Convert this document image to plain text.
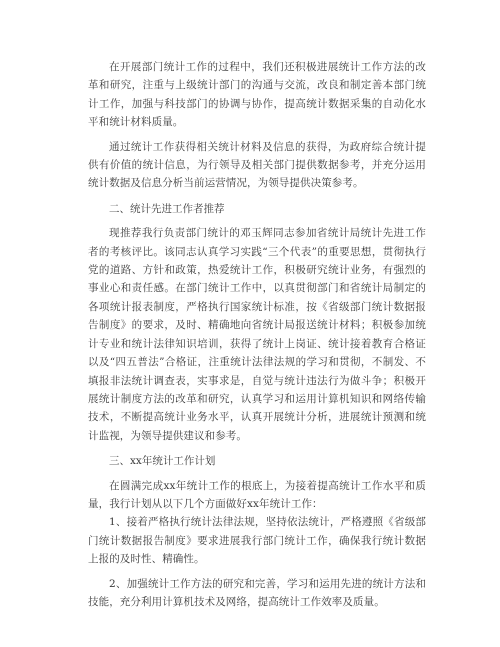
在开展部门统计工作的过程中，我们还积极进展统计工作方法的改革和研究，注重与上级统计部门的沟通与交流，改良和制定善本部门统计工作，加强与科技部门的协调与协作，提高统计数据采集的自动化水平和统计材料质量。

通过统计工作获得相关统计材料及信息的获得，为政府综合统计提供有价值的统计信息，为行领导及相关部门提供数据参考，并充分运用统计数据及信息分析当前运营情况，为领导提供决策参考。

二、统计先进工作者推荐

现推荐我行负责部门统计的邓玉辉同志参加省统计局统计先进工作者的考核评比。该同志认真学习实践“三个代表”的重要思想，贯彻执行党的道路、方针和政策，热爱统计工作，积极研究统计业务，有强烈的事业心和责任感。在部门统计工作中，以真贯彻部门和省统计局制定的各项统计报表制度，严格执行国家统计标准，按《省级部门统计数据报告制度》的要求，及时、精确地向省统计局报送统计材料；积极参加统计专业和统计法律知识培训，获得了统计上岗证、统计接着教育合格证以及“四五普法”合格证，注重统计法律法规的学习和贯彻，不制发、不填报非法统计调查表，实事求是，自觉与统计违法行为做斗争；积极开展统计制度方法的改革和研究，认真学习和运用计算机知识和网络传输技术，不断提高统计业务水平，认真开展统计分析，进展统计预测和统计监视，为领导提供建议和参考。

三、xx年统计工作计划

在圆满完成xx年统计工作的根底上，为接着提高统计工作水平和质量，我行计划从以下几个方面做好xx年统计工作：

1、接着严格执行统计法律法规，坚持依法统计，严格遵照《省级部门统计数据报告制度》要求进展我行部门统计工作，确保我行统计数据上报的及时性、精确性。

2、加强统计工作方法的研究和完善，学习和运用先进的统计方法和技能，充分利用计算机技术及网络，提高统计工作效率及质量。
